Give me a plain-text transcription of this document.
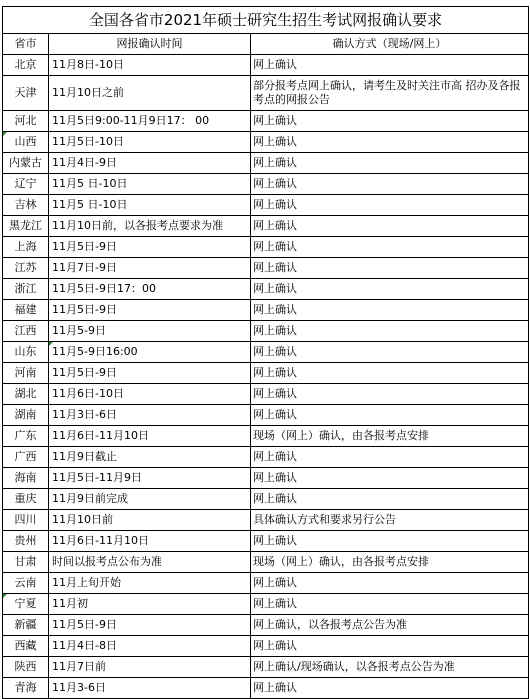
全国各省市2021年硕士研究生招生考试网报确认要求		
省市	网报确认时间	确认方式（现场/网上）
北京	11月8日-10日	网上确认
天津	11月10日之前	部分报考点网上确认，请考生及时关注市高 招办及各报考点的网报公告
河北	11月5日9:00-11月9日17： 00	网上确认
山西	11月5日-10日	网上确认
内蒙古	11月4日-9日	网上确认
辽宁	11月5 日-10日	网上确认
吉林	11月5 日-10日	网上确认
黑龙江	11月10日前，以各报考点要求为准	网上确认
上海	11月5日-9日	网上确认
江苏	11月7日-9日	网上确认
浙江	11月5日-9日17：00	网上确认
福建	11月5日-9日	网上确认
江西	11月5-9日	网上确认
山东	11月5-9日16:00	网上确认
河南	11月5日-9日	网上确认
湖北	11月6日-10日	网上确认
湖南	11月3日-6日	网上确认
广东	11月6日-11月10日	现场（网上）确认，由各报考点安排
广西	11月9日截止	网上确认
海南	11月5日-11月9日	网上确认
重庆	11月9日前完成	网上确认
四川	11月10日前	具体确认方式和要求另行公告
贵州	11月6日-11月10日	网上确认
甘肃	时间以报考点公布为准	现场（网上）确认，由各报考点安排
云南	11月上旬开始	网上确认
宁夏	11月初	网上确认
新疆	11月5日-9日	网上确认，以各报考点公告为准
西藏	11月4日-8日	网上确认
陕西	11月7日前	网上确认/现场确认，以各报考点公告为准
青海	11月3-6日	网上确认
